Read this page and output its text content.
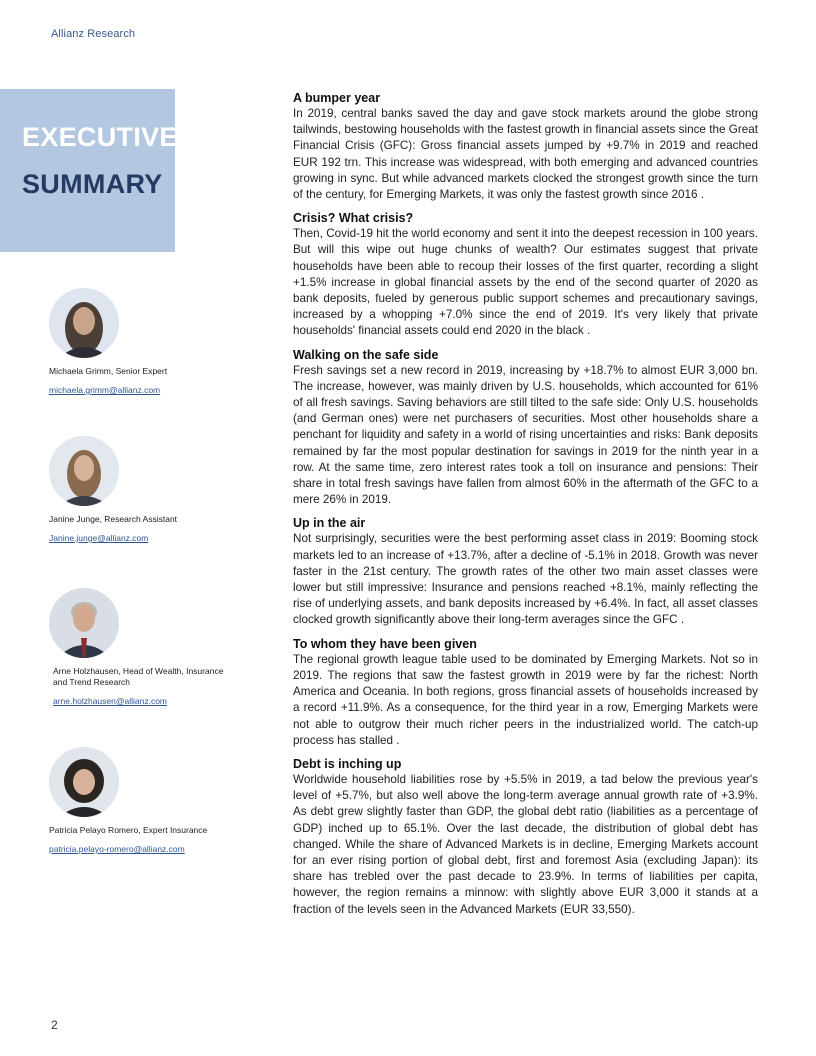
Allianz Research
EXECUTIVE
SUMMARY
Michaela Grimm, Senior Expert
michaela.grimm@allianz.com
Janine Junge, Research Assistant
Janine.junge@allianz.com
Arne Holzhausen, Head of Wealth, Insurance and Trend Research
arne.holzhausen@allianz.com
Patricia Pelayo Romero, Expert Insurance
patricia.pelayo-romero@allianz.com
A bumper year

In 2019, central banks saved the day and gave stock markets around the globe strong tailwinds, bestowing households with the fastest growth in financial assets since the Great Financial Crisis (GFC): Gross financial assets jumped by +9.7% in 2019 and reached EUR 192 trn. This increase was widespread, with both emerging and advanced countries growing in sync. But while advanced markets clocked the strongest growth since the turn of the century, for Emerging Markets, it was only the fastest growth since 2016 .

Crisis? What crisis?

Then, Covid-19 hit the world economy and sent it into the deepest recession in 100 years. But will this wipe out huge chunks of wealth? Our estimates suggest that private households have been able to recoup their losses of the first quarter, recording a slight +1.5% increase in global financial assets by the end of the second quarter of 2020 as bank deposits, fueled by generous public support schemes and precautionary savings, increased by a whopping +7.0% since the end of 2019. It's very likely that private households' financial assets could end 2020 in the black .

Walking on the safe side

Fresh savings set a new record in 2019, increasing by +18.7% to almost EUR 3,000 bn. The increase, however, was mainly driven by U.S. households, which accounted for 61% of all fresh savings. Saving behaviors are still tilted to the safe side: Only U.S. households (and German ones) were net purchasers of securities. Most other households share a penchant for liquidity and safety in a world of rising uncertainties and risks: Bank deposits remained by far the most popular destination for savings in 2019 for the ninth year in a row. At the same time, zero interest rates took a toll on insurance and pensions: Their share in total fresh savings have fallen from almost 60% in the aftermath of the GFC to a mere 26% in 2019.

Up in the air

Not surprisingly, securities were the best performing asset class in 2019: Booming stock markets led to an increase of +13.7%, after a decline of -5.1% in 2018. Growth was never faster in the 21st century. The growth rates of the other two main asset classes were lower but still impressive: Insurance and pensions reached +8.1%, mainly reflecting the rise of underlying assets, and bank deposits increased by +6.4%. In fact, all asset classes clocked growth significantly above their long-term averages since the GFC .

To whom they have been given

The regional growth league table used to be dominated by Emerging Markets. Not so in 2019. The regions that saw the fastest growth in 2019 were by far the richest: North America and Oceania. In both regions, gross financial assets of households increased by a record +11.9%. As a consequence, for the third year in a row, Emerging Markets were not able to outgrow their much richer peers in the industrialized world. The catch-up process has stalled .

Debt is inching up

Worldwide household liabilities rose by +5.5% in 2019, a tad below the previous year's level of +5.7%, but also well above the long-term average annual growth rate of +3.9%. As debt grew slightly faster than GDP, the global debt ratio (liabilities as a percentage of GDP) inched up to 65.1%. Over the last decade, the distribution of global debt has changed. While the share of Advanced Markets is in decline, Emerging Markets account for an ever rising portion of global debt, first and foremost Asia (excluding Japan): its share has trebled over the past decade to 23.9%. In terms of liabilities per capita, however, the region remains a minnow: with slightly above EUR 3,000 it stands at a fraction of the levels seen in the Advanced Markets (EUR 33,550).

2
